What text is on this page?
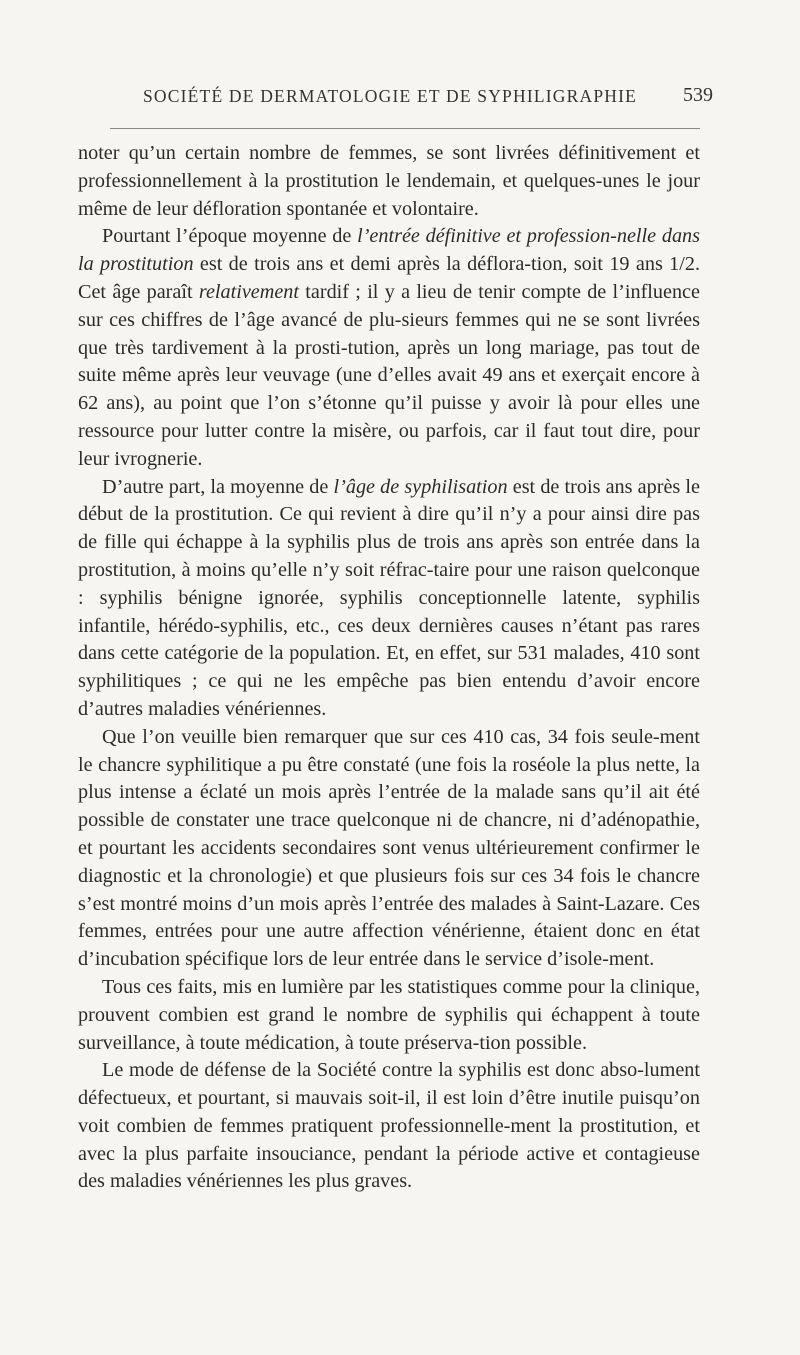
SOCIÉTÉ DE DERMATOLOGIE ET DE SYPHILIGRAPHIE 539

noter qu’un certain nombre de femmes, se sont livrées définitivement et professionnellement à la prostitution le lendemain, et quelques-unes le jour même de leur défloration spontanée et volontaire.

Pourtant l’époque moyenne de l’entrée définitive et profession-nelle dans la prostitution est de trois ans et demi après la déflora-tion, soit 19 ans 1/2. Cet âge paraît relativement tardif ; il y a lieu de tenir compte de l’influence sur ces chiffres de l’âge avancé de plu-sieurs femmes qui ne se sont livrées que très tardivement à la prosti-tution, après un long mariage, pas tout de suite même après leur veuvage (une d’elles avait 49 ans et exerçait encore à 62 ans), au point que l’on s’étonne qu’il puisse y avoir là pour elles une ressource pour lutter contre la misère, ou parfois, car il faut tout dire, pour leur ivrognerie.

D’autre part, la moyenne de l’âge de syphilisation est de trois ans après le début de la prostitution. Ce qui revient à dire qu’il n’y a pour ainsi dire pas de fille qui échappe à la syphilis plus de trois ans après son entrée dans la prostitution, à moins qu’elle n’y soit réfrac-taire pour une raison quelconque : syphilis bénigne ignorée, syphilis conceptionnelle latente, syphilis infantile, hérédo-syphilis, etc., ces deux dernières causes n’étant pas rares dans cette catégorie de la population. Et, en effet, sur 531 malades, 410 sont syphilitiques ; ce qui ne les empêche pas bien entendu d’avoir encore d’autres maladies vénériennes.

Que l’on veuille bien remarquer que sur ces 410 cas, 34 fois seule-ment le chancre syphilitique a pu être constaté (une fois la roséole la plus nette, la plus intense a éclaté un mois après l’entrée de la malade sans qu’il ait été possible de constater une trace quelconque ni de chancre, ni d’adénopathie, et pourtant les accidents secondaires sont venus ultérieurement confirmer le diagnostic et la chronologie) et que plusieurs fois sur ces 34 fois le chancre s’est montré moins d’un mois après l’entrée des malades à Saint-Lazare. Ces femmes, entrées pour une autre affection vénérienne, étaient donc en état d’incubation spécifique lors de leur entrée dans le service d’isole-ment.

Tous ces faits, mis en lumière par les statistiques comme pour la clinique, prouvent combien est grand le nombre de syphilis qui échappent à toute surveillance, à toute médication, à toute préserva-tion possible.

Le mode de défense de la Société contre la syphilis est donc abso-lument défectueux, et pourtant, si mauvais soit-il, il est loin d’être inutile puisqu’on voit combien de femmes pratiquent professionnelle-ment la prostitution, et avec la plus parfaite insouciance, pendant la période active et contagieuse des maladies vénériennes les plus graves.
